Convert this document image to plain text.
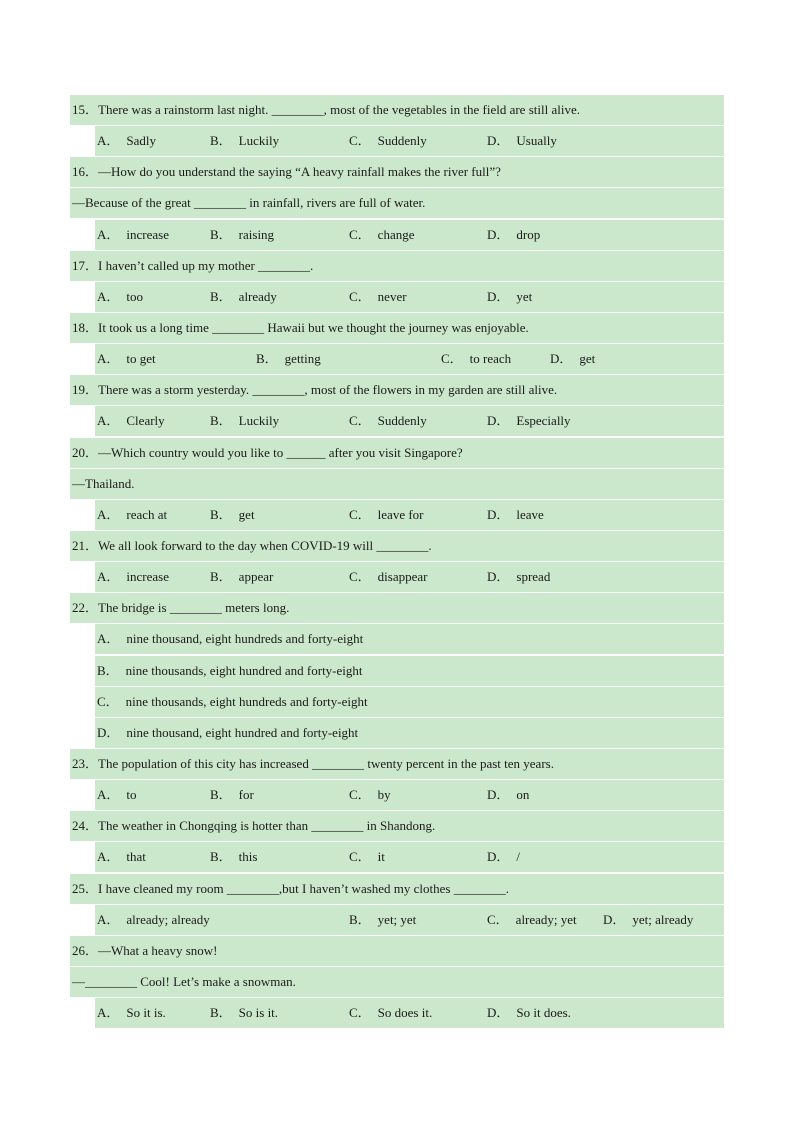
15．There was a rainstorm last night. ________, most of the vegetables in the field are still alive.
A． Sadly	B． Luckily	C． Suddenly	D． Usually
16．—How do you understand the saying “A heavy rainfall makes the river full”?
—Because of the great ________ in rainfall, rivers are full of water.
A． increase	B． raising	C． change	D． drop
17．I haven’t called up my mother ________.
A． too	B． already	C． never	D． yet
18．It took us a long time ________ Hawaii but we thought the journey was enjoyable.
A． to get	B． getting	C． to reach	D． get
19．There was a storm yesterday. ________, most of the flowers in my garden are still alive.
A． Clearly	B． Luckily	C． Suddenly	D． Especially
20．—Which country would you like to ______ after you visit Singapore?
—Thailand.
A． reach at	B． get	C． leave for	D． leave
21．We all look forward to the day when COVID-19 will ________.
A． increase	B． appear	C． disappear	D． spread
22．The bridge is ________ meters long.
A． nine thousand, eight hundreds and forty-eight
B． nine thousands, eight hundred and forty-eight
C． nine thousands, eight hundreds and forty-eight
D． nine thousand, eight hundred and forty-eight
23．The population of this city has increased ________ twenty percent in the past ten years.
A． to	B． for	C． by	D． on
24．The weather in Chongqing is hotter than ________ in Shandong.
A． that	B． this	C． it	D． /
25．I have cleaned my room ________,but I haven’t washed my clothes ________.
A． already; already	B． yet; yet	C． already; yet D． yet; already
26．—What a heavy snow!
—________ Cool! Let’s make a snowman.
A． So it is.	B． So is it.	C． So does it.	D． So it does.
